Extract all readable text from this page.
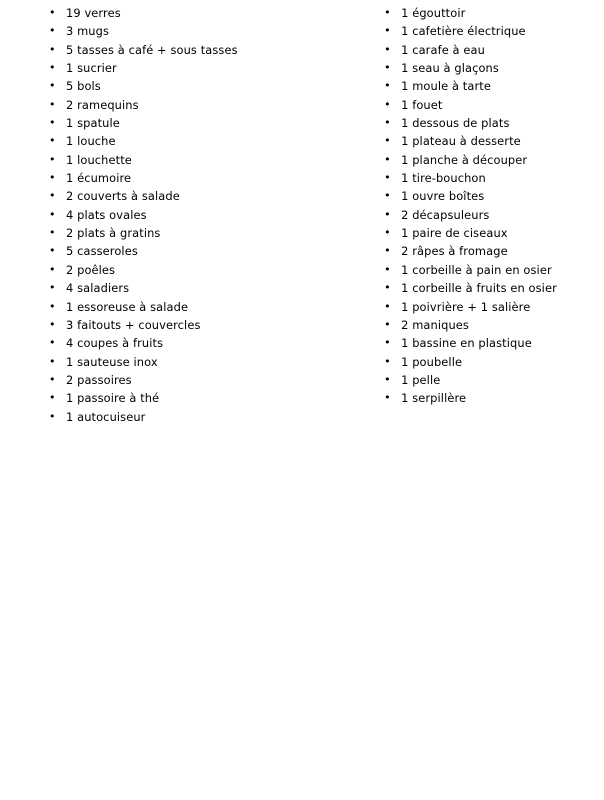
• 19 verres
• 3 mugs
• 5 tasses à café + sous tasses
• 1 sucrier
• 5 bols
• 2 ramequins
• 1 spatule
• 1 louche
• 1 louchette
• 1 écumoire
• 2 couverts à salade
• 4 plats ovales
• 2 plats à gratins
• 5 casseroles
• 2 poêles
• 4 saladiers
• 1 essoreuse à salade
• 3 faitouts + couvercles
• 4 coupes à fruits
• 1 sauteuse inox
• 2 passoires
• 1 passoire à thé
• 1 autocuiseur
• 1 égouttoir
• 1 cafetière électrique
• 1 carafe à eau
• 1 seau à glaçons
• 1 moule à tarte
• 1 fouet
• 1 dessous de plats
• 1 plateau à desserte
• 1 planche à découper
• 1 tire-bouchon
• 1 ouvre boîtes
• 2 décapsuleurs
• 1 paire de ciseaux
• 2 râpes à fromage
• 1 corbeille à pain en osier
• 1 corbeille à fruits en osier
• 1 poivrière + 1 salière
• 2 maniques
• 1 bassine en plastique
• 1 poubelle
• 1 pelle
• 1 serpillère
